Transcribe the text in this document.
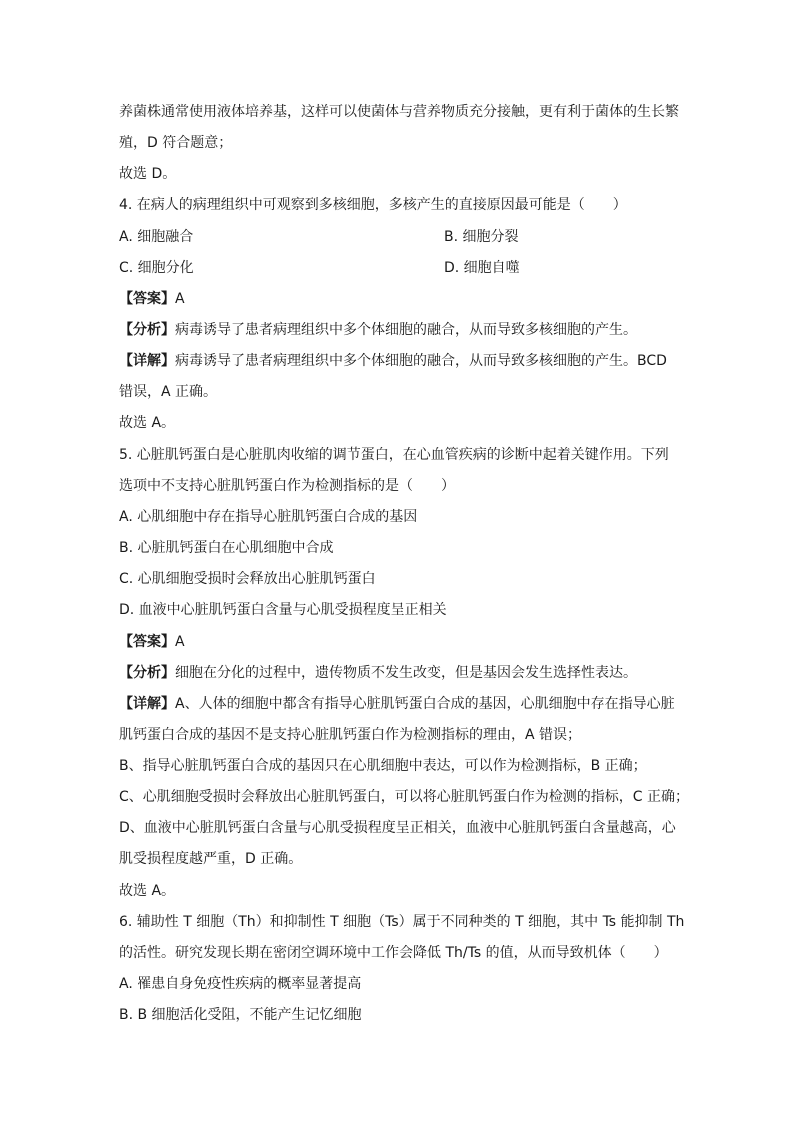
养菌株通常使用液体培养基，这样可以使菌体与营养物质充分接触，更有利于菌体的生长繁
殖，D 符合题意；
故选 D。
4. 在病人的病理组织中可观察到多核细胞，多核产生的直接原因最可能是（　　）
A. 细胞融合	B. 细胞分裂
C. 细胞分化	D. 细胞自噬
【答案】A
【分析】病毒诱导了患者病理组织中多个体细胞的融合，从而导致多核细胞的产生。
【详解】病毒诱导了患者病理组织中多个体细胞的融合，从而导致多核细胞的产生。BCD
错误，A 正确。
故选 A。
5. 心脏肌钙蛋白是心脏肌肉收缩的调节蛋白，在心血管疾病的诊断中起着关键作用。下列
选项中不支持心脏肌钙蛋白作为检测指标的是（　　）
A. 心肌细胞中存在指导心脏肌钙蛋白合成的基因
B. 心脏肌钙蛋白在心肌细胞中合成
C. 心肌细胞受损时会释放出心脏肌钙蛋白
D. 血液中心脏肌钙蛋白含量与心肌受损程度呈正相关
【答案】A
【分析】细胞在分化的过程中，遗传物质不发生改变，但是基因会发生选择性表达。
【详解】A、人体的细胞中都含有指导心脏肌钙蛋白合成的基因，心肌细胞中存在指导心脏
肌钙蛋白合成的基因不是支持心脏肌钙蛋白作为检测指标的理由，A 错误；
B、指导心脏肌钙蛋白合成的基因只在心肌细胞中表达，可以作为检测指标，B 正确；
C、心肌细胞受损时会释放出心脏肌钙蛋白，可以将心脏肌钙蛋白作为检测的指标，C 正确；
D、血液中心脏肌钙蛋白含量与心肌受损程度呈正相关，血液中心脏肌钙蛋白含量越高，心
肌受损程度越严重，D 正确。
故选 A。
6. 辅助性 T 细胞（Th）和抑制性 T 细胞（Ts）属于不同种类的 T 细胞，其中 Ts 能抑制 Th
的活性。研究发现长期在密闭空调环境中工作会降低 Th/Ts 的值，从而导致机体（　　）
A. 罹患自身免疫性疾病的概率显著提高
B. B 细胞活化受阻，不能产生记忆细胞
